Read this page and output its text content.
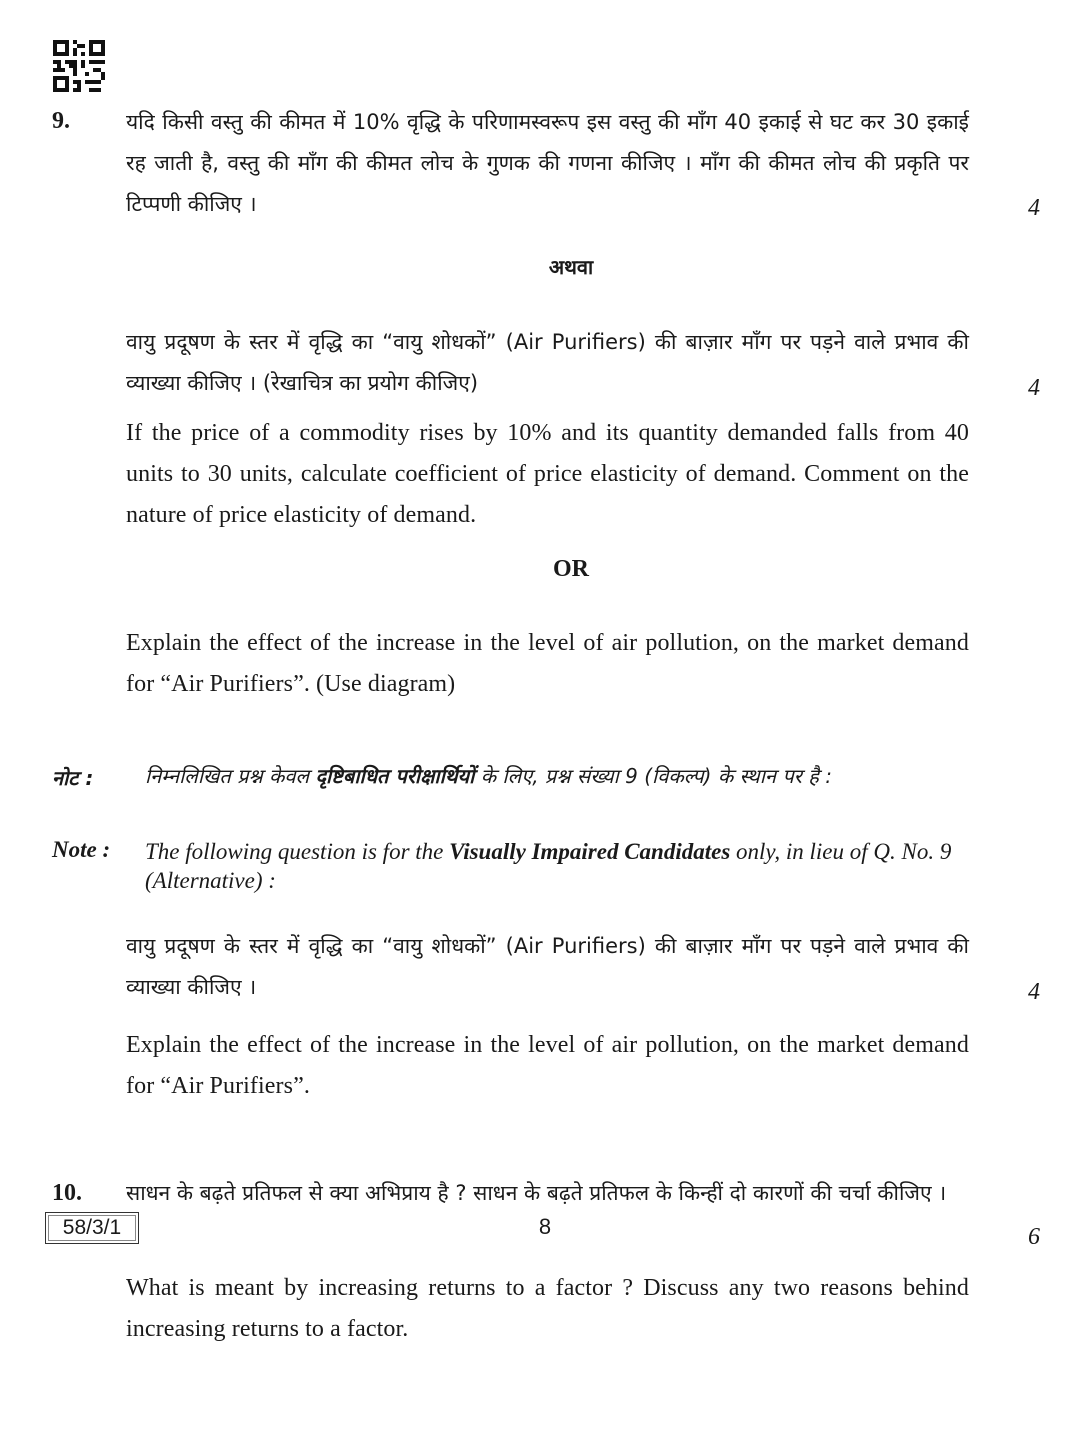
9.	यदि किसी वस्तु की कीमत में 10% वृद्धि के परिणामस्वरूप इस वस्तु की माँग 40 इकाई से घट कर 30 इकाई रह जाती है, वस्तु की माँग की कीमत लोच के गुणक की गणना कीजिए । माँग की कीमत लोच की प्रकृति पर टिप्पणी कीजिए ।	4
अथवा
वायु प्रदूषण के स्तर में वृद्धि का “वायु शोधकों” (Air Purifiers) की बाज़ार माँग पर पड़ने वाले प्रभाव की व्याख्या कीजिए । (रेखाचित्र का प्रयोग कीजिए)	4
If the price of a commodity rises by 10% and its quantity demanded falls from 40 units to 30 units, calculate coefficient of price elasticity of demand. Comment on the nature of price elasticity of demand.
OR
Explain the effect of the increase in the level of air pollution, on the market demand for “Air Purifiers”. (Use diagram)
नोट :	निम्नलिखित प्रश्न केवल दृष्टिबाधित परीक्षार्थियों के लिए, प्रश्न संख्या 9 (विकल्प) के स्थान पर है :
Note : The following question is for the Visually Impaired Candidates only, in lieu of Q. No. 9 (Alternative) :
वायु प्रदूषण के स्तर में वृद्धि का “वायु शोधकों” (Air Purifiers) की बाज़ार माँग पर पड़ने वाले प्रभाव की व्याख्या कीजिए ।	4
Explain the effect of the increase in the level of air pollution, on the market demand for “Air Purifiers”.
10. साधन के बढ़ते प्रतिफल से क्या अभिप्राय है ? साधन के बढ़ते प्रतिफल के किन्हीं दो कारणों की चर्चा कीजिए ।
6
What is meant by increasing returns to a factor ? Discuss any two reasons behind increasing returns to a factor.
58/3/1	8
